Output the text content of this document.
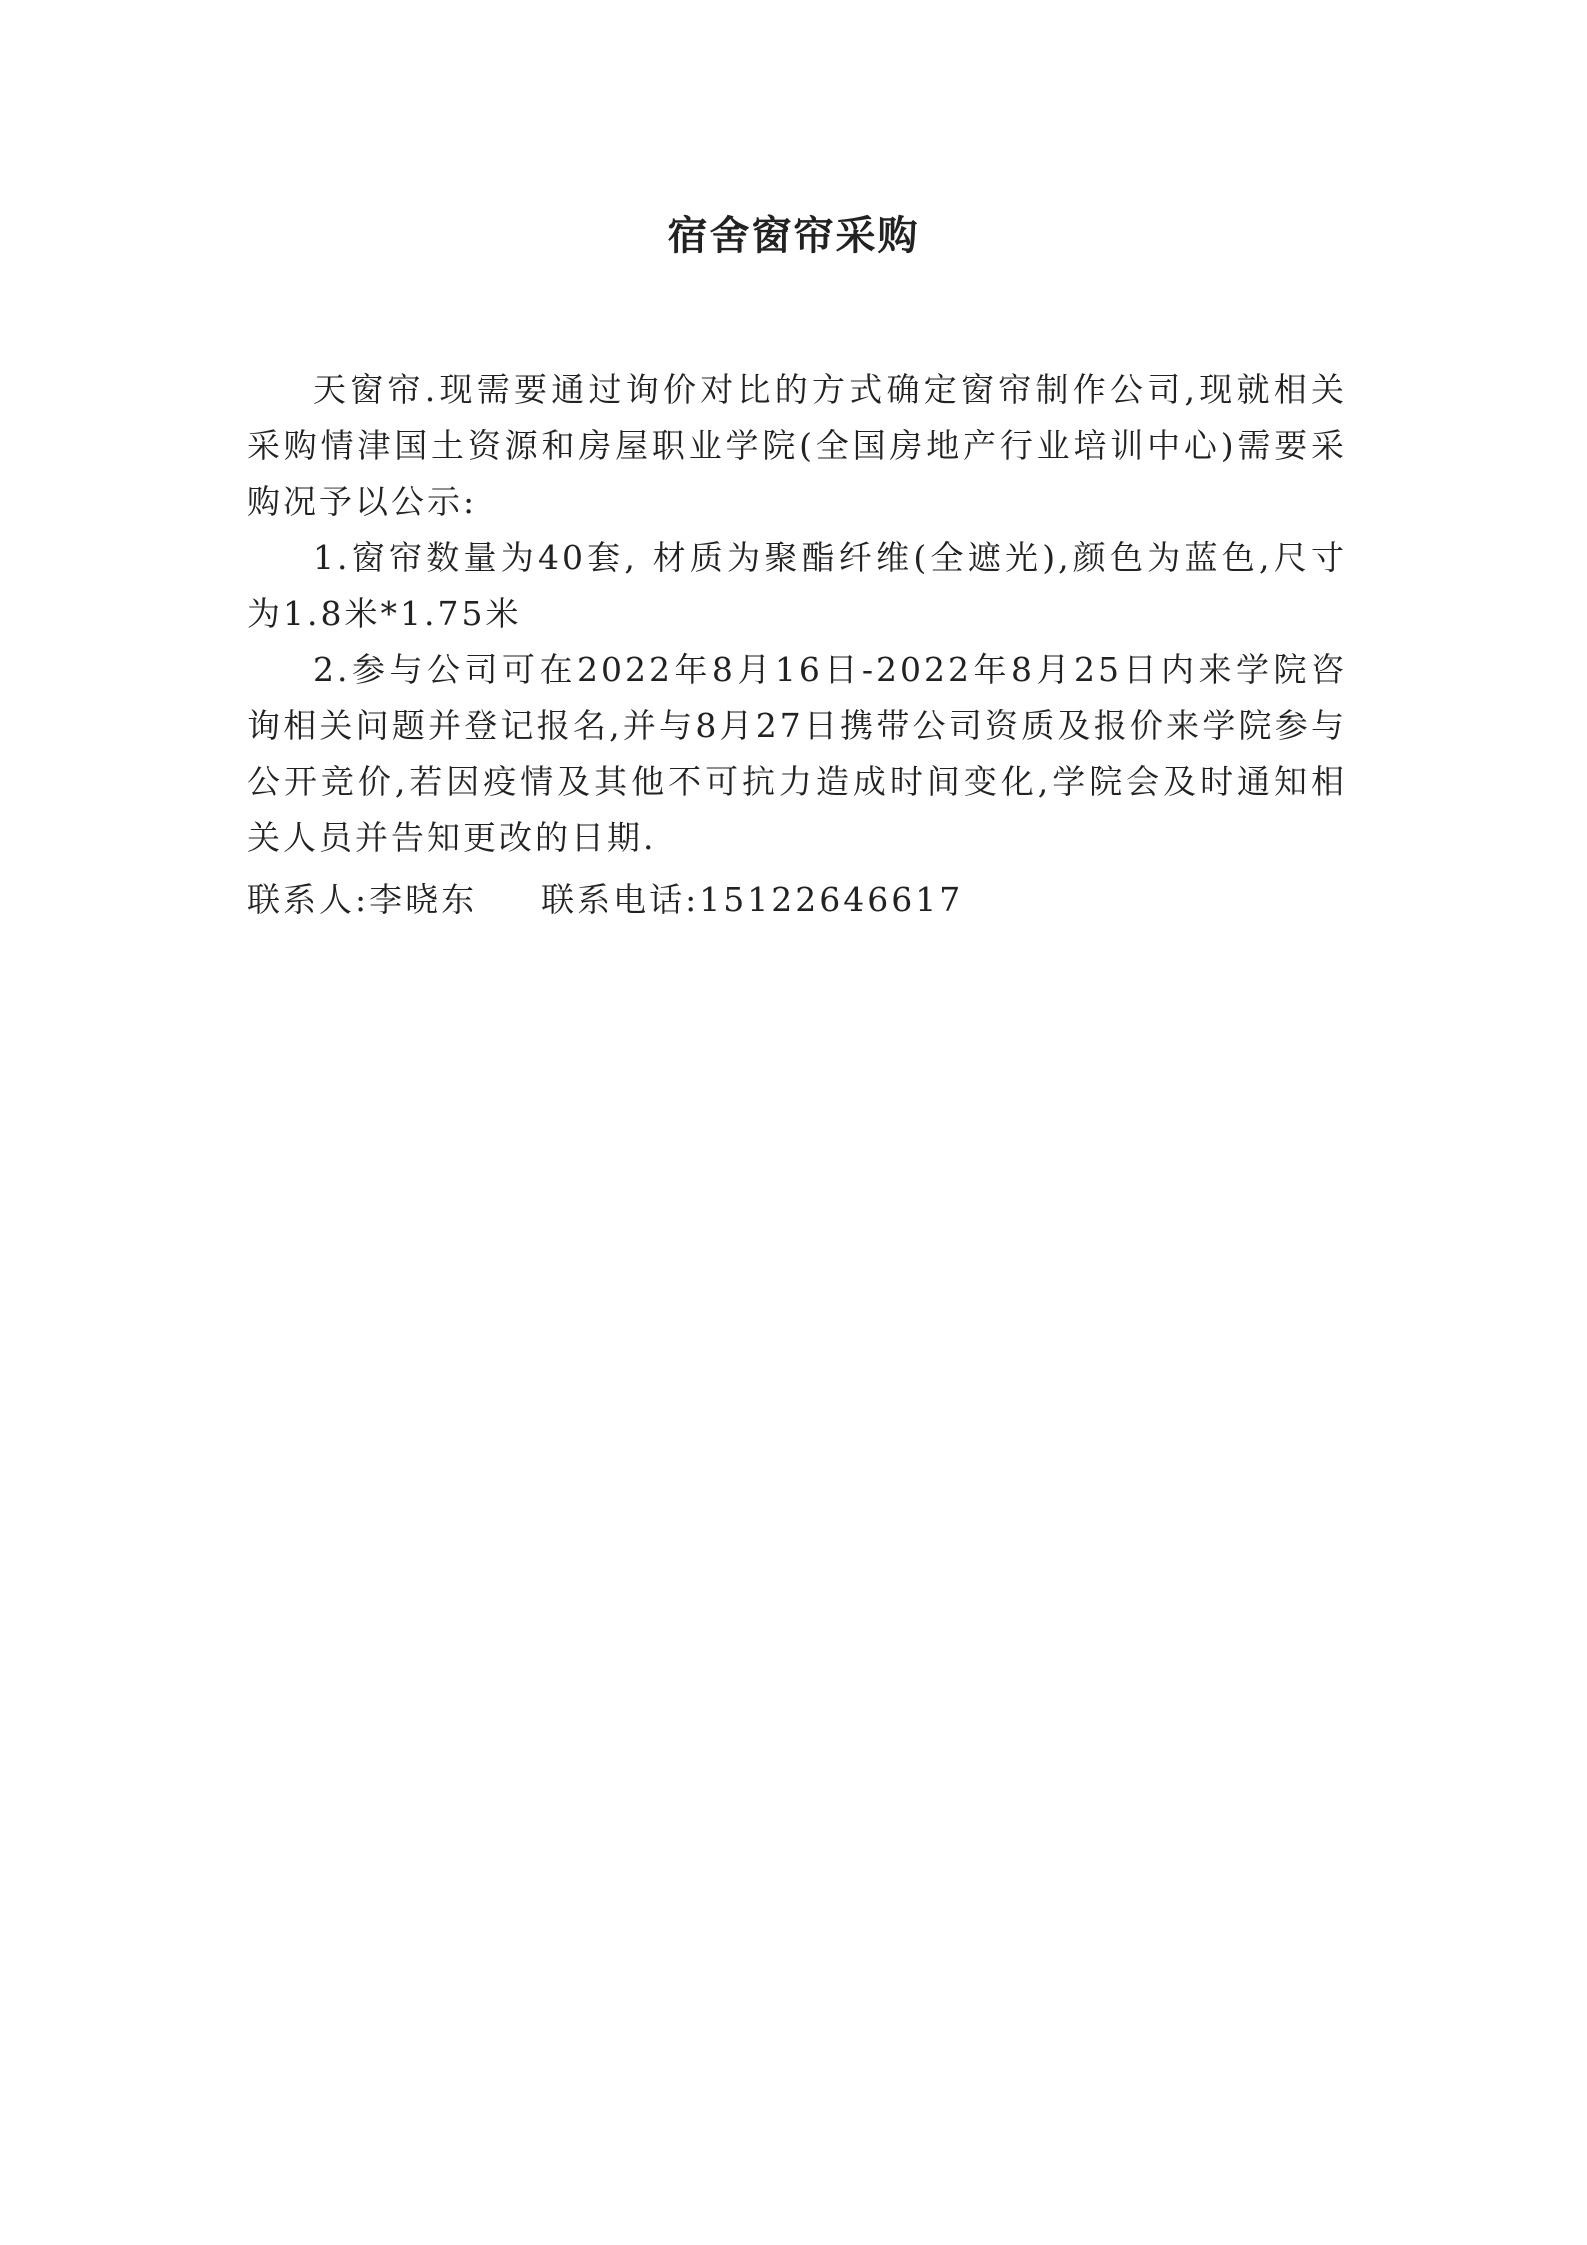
宿舍窗帘采购

天窗帘.现需要通过询价对比的方式确定窗帘制作公司,现就相关采购情津国土资源和房屋职业学院(全国房地产行业培训中心)需要采购况予以公示:

1.窗帘数量为40套, 材质为聚酯纤维(全遮光),颜色为蓝色,尺寸为1.8米*1.75米

2.参与公司可在2022年8月16日-2022年8月25日内来学院咨询相关问题并登记报名,并与8月27日携带公司资质及报价来学院参与公开竞价,若因疫情及其他不可抗力造成时间变化,学院会及时通知相关人员并告知更改的日期.

联系人:李晓东 联系电话:15122646617
